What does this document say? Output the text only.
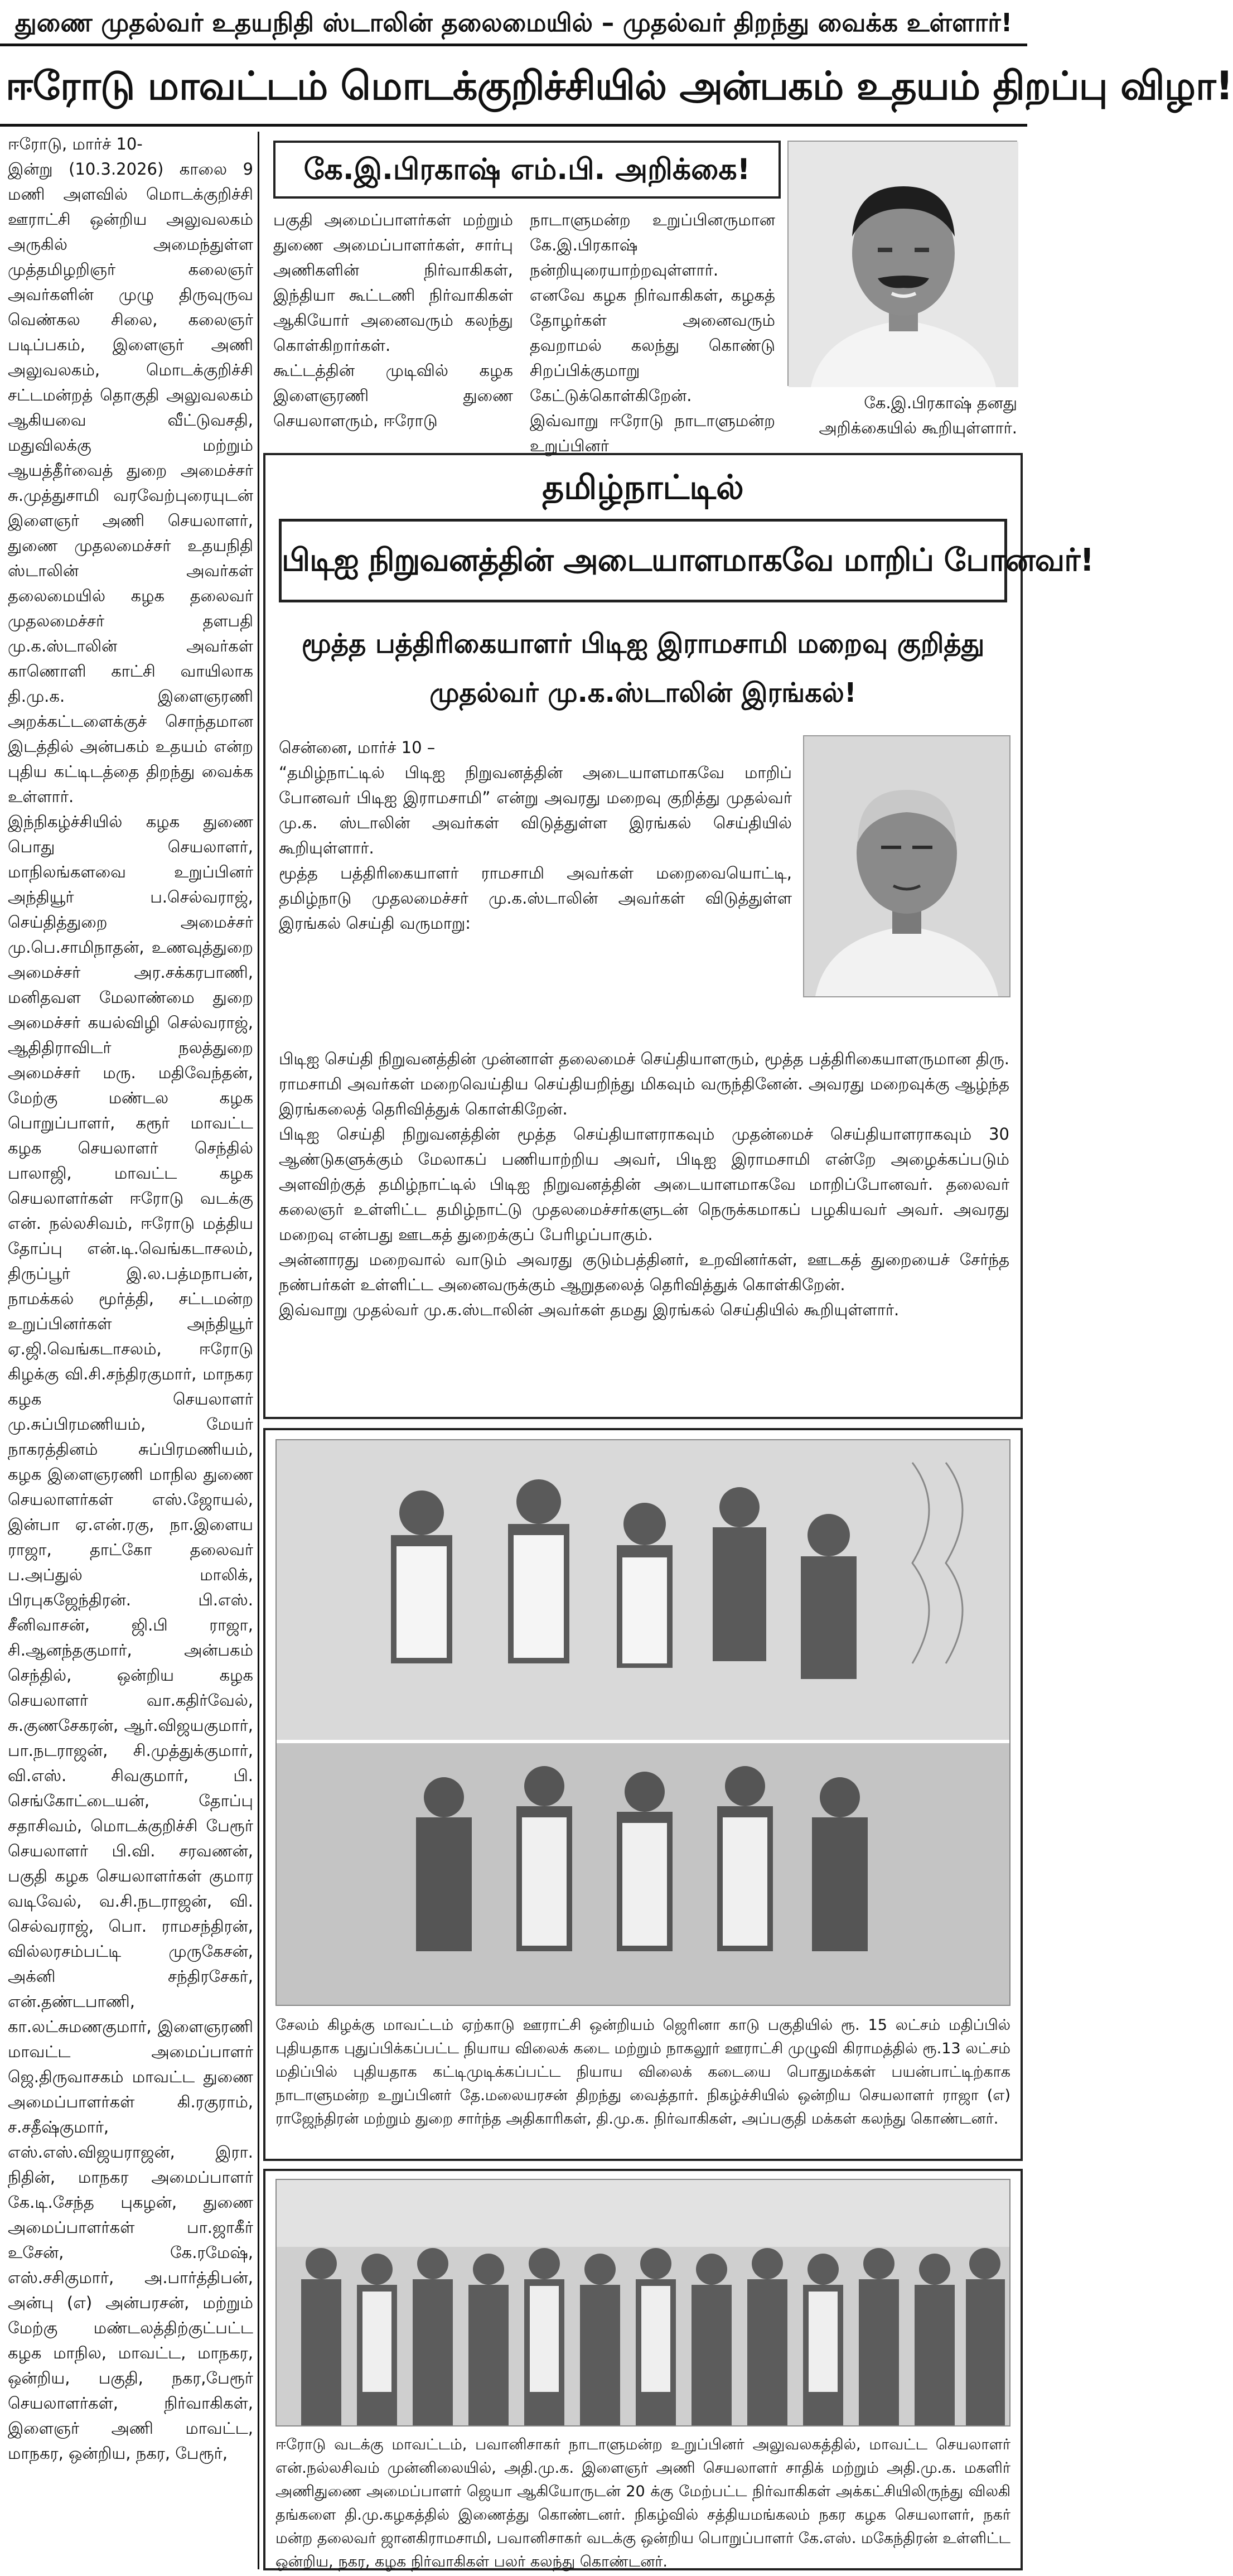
துணை முதல்வர் உதயநிதி ஸ்டாலின் தலைமையில் – முதல்வர் திறந்து வைக்க உள்ளார்!
ஈரோடு மாவட்டம் மொடக்குறிச்சியில் அன்பகம் உதயம் திறப்பு விழா!
ஈரோடு, மார்ச் 10-
இன்று (10.3.2026) காலை 9 மணி அளவில் மொடக்குறிச்சி ஊராட்சி ஒன்றிய அலுவலகம் அருகில் அமைந்துள்ள முத்தமிழறிஞர் கலைஞர் அவர்களின் முழு திருவுருவ வெண்கல சிலை, கலைஞர் படிப்பகம், இளைஞர் அணி அலுவலகம், மொடக்குறிச்சி சட்டமன்றத் தொகுதி அலுவலகம் ஆகியவை வீட்டுவசதி, மதுவிலக்கு மற்றும் ஆயத்தீர்வைத் துறை அமைச்சர் சு.முத்துசாமி வரவேற்புரையுடன் இளைஞர் அணி செயலாளர், துணை முதலமைச்சர் உதயநிதி ஸ்டாலின் அவர்கள் தலைமையில் கழக தலைவர் முதலமைச்சர் தளபதி மு.க.ஸ்டாலின் அவர்கள் காணொளி காட்சி வாயிலாக தி.மு.க. இளைஞரணி அறக்கட்டளைக்குச் சொந்தமான இடத்தில் அன்பகம் உதயம் என்ற புதிய கட்டிடத்தை திறந்து வைக்க உள்ளார்.
இந்நிகழ்ச்சியில் கழக துணை பொது செயலாளர், மாநிலங்களவை உறுப்பினர் அந்தியூர் ப.செல்வராஜ், செய்தித்துறை அமைச்சர் மு.பெ.சாமிநாதன், உணவுத்துறை அமைச்சர் அர.சக்கரபாணி, மனிதவள மேலாண்மை துறை அமைச்சர் கயல்விழி செல்வராஜ், ஆதிதிராவிடர் நலத்துறை அமைச்சர் மரு. மதிவேந்தன், மேற்கு மண்டல கழக பொறுப்பாளர், கரூர் மாவட்ட கழக செயலாளர் செந்தில் பாலாஜி, மாவட்ட கழக செயலாளர்கள் ஈரோடு வடக்கு என். நல்லசிவம், ஈரோடு மத்திய தோப்பு என்.டி.வெங்கடாசலம், திருப்பூர் இ.ல.பத்மநாபன், நாமக்கல் மூர்த்தி, சட்டமன்ற உறுப்பினர்கள் அந்தியூர் ஏ.ஜி.வெங்கடாசலம், ஈரோடு கிழக்கு வி.சி.சந்திரகுமார், மாநகர கழக செயலாளர் மு.சுப்பிரமணியம், மேயர் நாகரத்தினம் சுப்பிரமணியம், கழக இளைஞரணி மாநில துணை செயலாளர்கள் எஸ்.ஜோயல், இன்பா ஏ.என்.ரகு, நா.இளைய ராஜா, தாட்கோ தலைவர் ப.அப்துல் மாலிக், பிரபுகஜேந்திரன். பி.எஸ். சீனிவாசன், ஜி.பி ராஜா, சி.ஆனந்தகுமார், அன்பகம் செந்தில், ஒன்றிய கழக செயலாளர் வா.கதிர்வேல், சு.குணசேகரன், ஆர்.விஜயகுமார், பா.நடராஜன், சி.முத்துக்குமார், வி.எஸ். சிவகுமார், பி. செங்கோட்டையன், தோப்பு சதாசிவம், மொடக்குறிச்சி பேரூர் செயலாளர் பி.வி. சரவணன், பகுதி கழக செயலாளர்கள் குமார வடிவேல், வ.சி.நடராஜன், வி. செல்வராஜ், பொ. ராமசந்திரன், வில்லரசம்பட்டி முருகேசன், அக்னி சந்திரசேகர், என்.தண்டபாணி, கா.லட்சுமணகுமார், இளைஞரணி மாவட்ட அமைப்பாளர் ஜெ.திருவாசகம் மாவட்ட துணை அமைப்பாளர்கள் கி.ரகுராம், ச.சதீஷ்குமார், எஸ்.எஸ்.விஜயராஜன், இரா. நிதின், மாநகர அமைப்பாளர் கே.டி.சேந்த புகழன், துணை அமைப்பாளர்கள் பா.ஜாகீர் உசேன், கே.ரமேஷ், எஸ்.சசிகுமார், அ.பார்த்திபன், அன்பு (எ) அன்பரசன், மற்றும் மேற்கு மண்டலத்திற்குட்பட்ட கழக மாநில, மாவட்ட, மாநகர, ஒன்றிய, பகுதி, நகர,பேரூர் செயலாளர்கள், நிர்வாகிகள், இளைஞர் அணி மாவட்ட, மாநகர, ஒன்றிய, நகர, பேரூர்,
கே.இ.பிரகாஷ் எம்.பி. அறிக்கை!
பகுதி அமைப்பாளர்கள் மற்றும் துணை அமைப்பாளர்கள், சார்பு அணிகளின் நிர்வாகிகள், இந்தியா கூட்டணி நிர்வாகிகள் ஆகியோர் அனைவரும் கலந்து கொள்கிறார்கள்.
கூட்டத்தின் முடிவில் கழக இளைஞரணி துணை செயலாளரும், ஈரோடு
நாடாளுமன்ற உறுப்பினருமான கே.இ.பிரகாஷ் நன்றியுரையாற்றவுள்ளார். எனவே கழக நிர்வாகிகள், கழகத் தோழர்கள் அனைவரும் தவறாமல் கலந்து கொண்டு சிறப்பிக்குமாறு கேட்டுக்கொள்கிறேன்.
இவ்வாறு ஈரோடு நாடாளுமன்ற உறுப்பினர்
கே.இ.பிரகாஷ் தனது அறிக்கையில் கூறியுள்ளார்.
தமிழ்நாட்டில்
பிடிஐ நிறுவனத்தின் அடையாளமாகவே மாறிப் போனவர்!
மூத்த பத்திரிகையாளர் பிடிஐ இராமசாமி மறைவு குறித்து
முதல்வர் மு.க.ஸ்டாலின் இரங்கல்!
சென்னை, மார்ச் 10 –
“தமிழ்நாட்டில் பிடிஐ நிறுவனத்தின் அடையாளமாகவே மாறிப் போனவர் பிடிஐ இராமசாமி” என்று அவரது மறைவு குறித்து முதல்வர் மு.க. ஸ்டாலின் அவர்கள் விடுத்துள்ள இரங்கல் செய்தியில் கூறியுள்ளார்.
மூத்த பத்திரிகையாளர் ராமசாமி அவர்கள் மறைவையொட்டி, தமிழ்நாடு முதலமைச்சர் மு.க.ஸ்டாலின் அவர்கள் விடுத்துள்ள இரங்கல் செய்தி வருமாறு:
பிடிஐ செய்தி நிறுவனத்தின் முன்னாள் தலைமைச் செய்தியாளரும், மூத்த பத்திரிகையாளருமான திரு. ராமசாமி அவர்கள் மறைவெய்திய செய்தியறிந்து மிகவும் வருந்தினேன். அவரது மறைவுக்கு ஆழ்ந்த இரங்கலைத் தெரிவித்துக் கொள்கிறேன்.
பிடிஐ செய்தி நிறுவனத்தின் மூத்த செய்தியாளராகவும் முதன்மைச் செய்தியாளராகவும் 30 ஆண்டுகளுக்கும் மேலாகப் பணியாற்றிய அவர், பிடிஐ இராமசாமி என்றே அழைக்கப்படும் அளவிற்குத் தமிழ்நாட்டில் பிடிஐ நிறுவனத்தின் அடையாளமாகவே மாறிப்போனவர். தலைவர் கலைஞர் உள்ளிட்ட தமிழ்நாட்டு முதலமைச்சர்களுடன் நெருக்கமாகப் பழகியவர் அவர். அவரது மறைவு என்பது ஊடகத் துறைக்குப் பேரிழப்பாகும்.
அன்னாரது மறைவால் வாடும் அவரது குடும்பத்தினர், உறவினர்கள், ஊடகத் துறையைச் சேர்ந்த நண்பர்கள் உள்ளிட்ட அனைவருக்கும் ஆறுதலைத் தெரிவித்துக் கொள்கிறேன்.
இவ்வாறு முதல்வர் மு.க.ஸ்டாலின் அவர்கள் தமது இரங்கல் செய்தியில் கூறியுள்ளார்.
சேலம் கிழக்கு மாவட்டம் ஏற்காடு ஊராட்சி ஒன்றியம் ஜெரினா காடு பகுதியில் ரூ. 15 லட்சம் மதிப்பில் புதியதாக புதுப்பிக்கப்பட்ட நியாய விலைக் கடை மற்றும் நாகலூர் ஊராட்சி முழுவி கிராமத்தில் ரூ.13 லட்சம் மதிப்பில் புதியதாக கட்டிமுடிக்கப்பட்ட நியாய விலைக் கடையை பொதுமக்கள் பயன்பாட்டிற்காக நாடாளுமன்ற உறுப்பினர் தே.மலையரசன் திறந்து வைத்தார். நிகழ்ச்சியில் ஒன்றிய செயலாளர் ராஜா (எ) ராஜேந்திரன் மற்றும் துறை சார்ந்த அதிகாரிகள், தி.மு.க. நிர்வாகிகள், அப்பகுதி மக்கள் கலந்து கொண்டனர்.
ஈரோடு வடக்கு மாவட்டம், பவானிசாகர் நாடாளுமன்ற உறுப்பினர் அலுவலகத்தில், மாவட்ட செயலாளர் என்.நல்லசிவம் முன்னிலையில், அதி.மு.க. இளைஞர் அணி செயலாளர் சாதிக் மற்றும் அதி.மு.க. மகளிர் அணிதுணை அமைப்பாளர் ஜெயா ஆகியோருடன் 20 க்கு மேற்பட்ட நிர்வாகிகள் அக்கட்சியிலிருந்து விலகி தங்களை தி.மு.கழகத்தில் இணைத்து கொண்டனர். நிகழ்வில் சத்தியமங்கலம் நகர கழக செயலாளர், நகர் மன்ற தலைவர் ஜானகிராமசாமி, பவானிசாகர் வடக்கு ஒன்றிய பொறுப்பாளர் கே.எஸ். மகேந்திரன் உள்ளிட்ட ஒன்றிய, நகர, கழக நிர்வாகிகள் பலர் கலந்து கொண்டனர்.
